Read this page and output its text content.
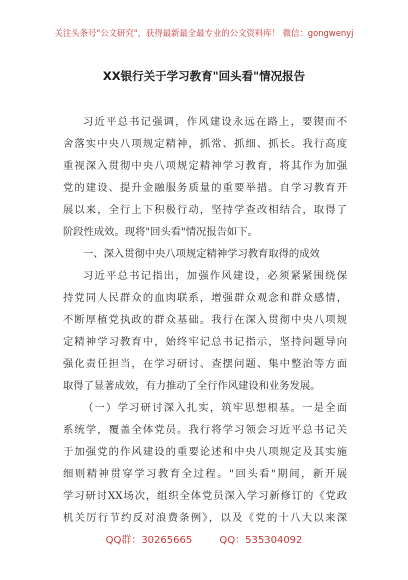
关注头条号"公文研究"，获得最新最全最专业的公文资料库！ 微信：gongwenyj
XX银行关于学习教育"回头看"情况报告
习近平总书记强调，作风建设永远在路上，要锲而不
舍落实中央八项规定精神，抓常、抓细、抓长。我行高度
重视深入贯彻中央八项规定精神学习教育，将其作为加强
党的建设、提升金融服务质量的重要举措。自学习教育开
展以来，全行上下积极行动，坚持学查改相结合，取得了
阶段性成效。现将"回头看"情况报告如下。
一、深入贯彻中央八项规定精神学习教育取得的成效
习近平总书记指出，加强作风建设，必须紧紧围绕保
持党同人民群众的血肉联系，增强群众观念和群众感情，
不断厚植党执政的群众基础。我行在深入贯彻中央八项规
定精神学习教育中，始终牢记总书记指示，坚持问题导向
强化责任担当，在学习研讨、查摆问题、集中整治等方面
取得了显著成效，有力推动了全行作风建设和业务发展。
（一）学习研讨深入扎实，筑牢思想根基。一是全面
系统学，覆盖全体党员。我行将学习领会习近平总书记关
于加强党的作风建设的重要论述和中央八项规定及其实施
细则精神贯穿学习教育全过程。"回头看"期间，新开展
学习研讨XX场次，组织全体党员深入学习新修订的《党政
机关厉行节约反对浪费条例》，以及《党的十八大以来深
QQ群：30265665	QQ：535304092
